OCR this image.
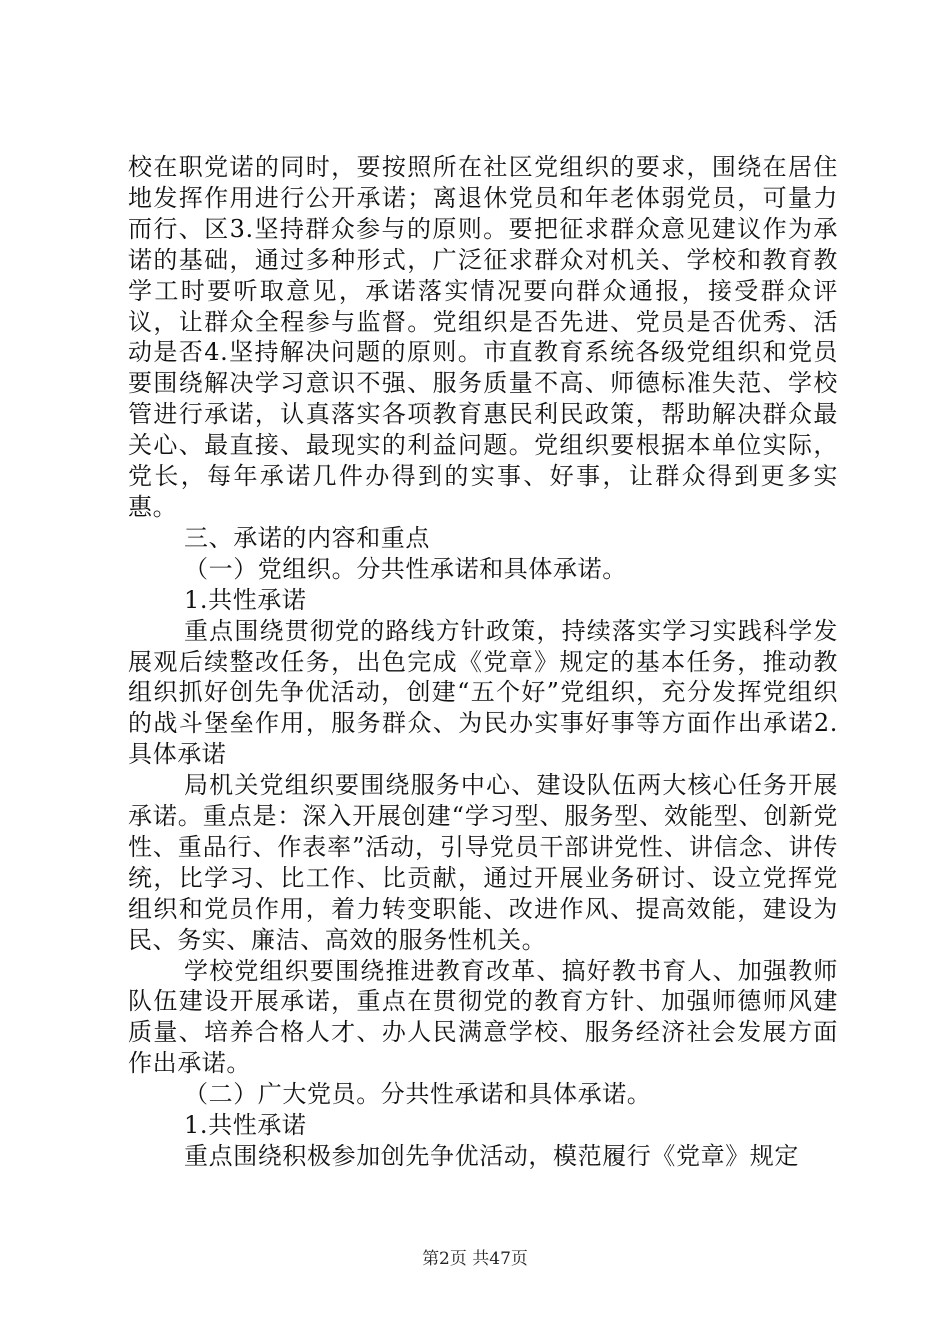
校在职党诺的同时，要按照所在社区党组织的要求，围绕在居住地发挥作用进行公开承诺；离退休党员和年老体弱党员，可量力而行、区3.坚持群众参与的原则。要把征求群众意见建议作为承诺的基础，通过多种形式，广泛征求群众对机关、学校和教育教学工时要听取意见，承诺落实情况要向群众通报，接受群众评议，让群众全程参与监督。党组织是否先进、党员是否优秀、活动是否4.坚持解决问题的原则。市直教育系统各级党组织和党员要围绕解决学习意识不强、服务质量不高、师德标准失范、学校管进行承诺，认真落实各项教育惠民利民政策，帮助解决群众最关心、最直接、最现实的利益问题。党组织要根据本单位实际，党长，每年承诺几件办得到的实事、好事，让群众得到更多实惠。

三、承诺的内容和重点

（一）党组织。分共性承诺和具体承诺。

1.共性承诺

重点围绕贯彻党的路线方针政策，持续落实学习实践科学发展观后续整改任务，出色完成《党章》规定的基本任务，推动教组织抓好创先争优活动，创建“五个好”党组织，充分发挥党组织的战斗堡垒作用，服务群众、为民办实事好事等方面作出承诺2.具体承诺

局机关党组织要围绕服务中心、建设队伍两大核心任务开展承诺。重点是：深入开展创建“学习型、服务型、效能型、创新党性、重品行、作表率”活动，引导党员干部讲党性、讲信念、讲传统，比学习、比工作、比贡献，通过开展业务研讨、设立党挥党组织和党员作用，着力转变职能、改进作风、提高效能，建设为民、务实、廉洁、高效的服务性机关。

学校党组织要围绕推进教育改革、搞好教书育人、加强教师队伍建设开展承诺，重点在贯彻党的教育方针、加强师德师风建质量、培养合格人才、办人民满意学校、服务经济社会发展方面作出承诺。

（二）广大党员。分共性承诺和具体承诺。

1.共性承诺

重点围绕积极参加创先争优活动，模范履行《党章》规定

第2页 共47页
